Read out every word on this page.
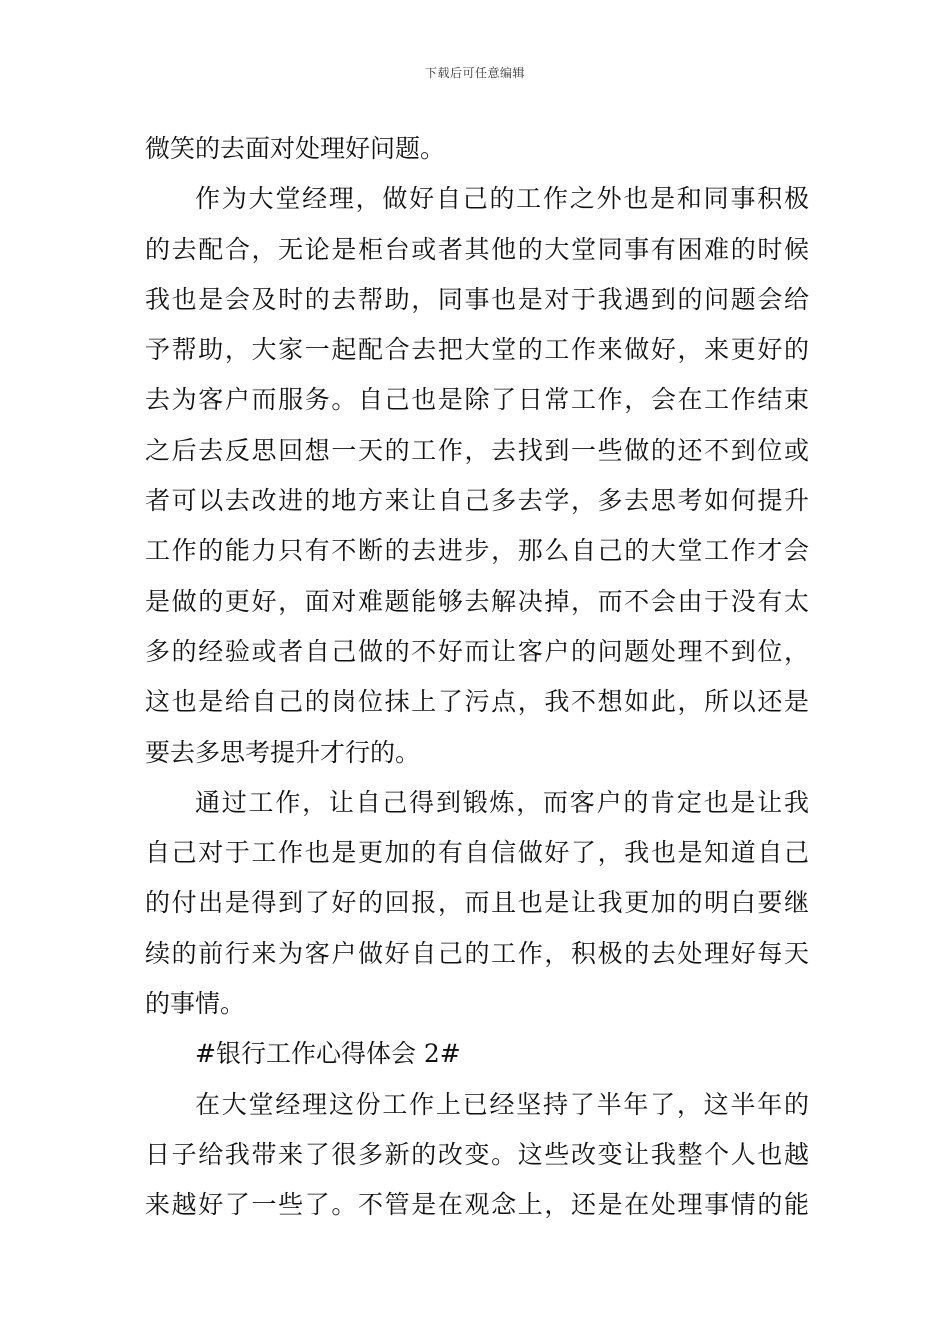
下载后可任意编辑
微笑的去面对处理好问题。
作为大堂经理，做好自己的工作之外也是和同事积极
的去配合，无论是柜台或者其他的大堂同事有困难的时候
我也是会及时的去帮助，同事也是对于我遇到的问题会给
予帮助，大家一起配合去把大堂的工作来做好，来更好的
去为客户而服务。自己也是除了日常工作，会在工作结束
之后去反思回想一天的工作，去找到一些做的还不到位或
者可以去改进的地方来让自己多去学，多去思考如何提升
工作的能力只有不断的去进步，那么自己的大堂工作才会
是做的更好，面对难题能够去解决掉，而不会由于没有太
多的经验或者自己做的不好而让客户的问题处理不到位，
这也是给自己的岗位抹上了污点，我不想如此，所以还是
要去多思考提升才行的。
通过工作，让自己得到锻炼，而客户的肯定也是让我
自己对于工作也是更加的有自信做好了，我也是知道自己
的付出是得到了好的回报，而且也是让我更加的明白要继
续的前行来为客户做好自己的工作，积极的去处理好每天
的事情。
#银行工作心得体会 2#
在大堂经理这份工作上已经坚持了半年了，这半年的
日子给我带来了很多新的改变。这些改变让我整个人也越
来越好了一些了。不管是在观念上，还是在处理事情的能
